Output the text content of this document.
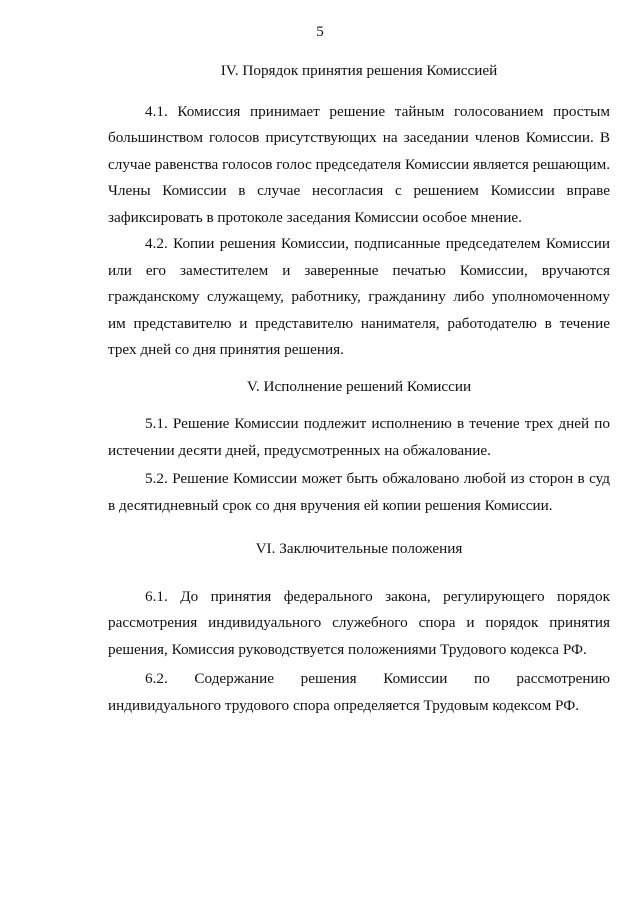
5

IV. Порядок принятия решения Комиссией

4.1. Комиссия принимает решение тайным голосованием простым большинством голосов присутствующих на заседании членов Комиссии. В случае равенства голосов голос председателя Комиссии является решающим. Члены Комиссии в случае несогласия с решением Комиссии вправе зафиксировать в протоколе заседания Комиссии особое мнение.

4.2. Копии решения Комиссии, подписанные председателем Комиссии или его заместителем и заверенные печатью Комиссии, вручаются гражданскому служащему, работнику, гражданину либо уполномоченному им представителю и представителю нанимателя, работодателю в течение трех дней со дня принятия решения.

V. Исполнение решений Комиссии

5.1. Решение Комиссии подлежит исполнению в течение трех дней по истечении десяти дней, предусмотренных на обжалование.

5.2. Решение Комиссии может быть обжаловано любой из сторон в суд в десятидневный срок со дня вручения ей копии решения Комиссии.

VI. Заключительные положения

6.1. До принятия федерального закона, регулирующего порядок рассмотрения индивидуального служебного спора и порядок принятия решения, Комиссия руководствуется положениями Трудового кодекса РФ.

6.2. Содержание решения Комиссии по рассмотрению индивидуального трудового спора определяется Трудовым кодексом РФ.
